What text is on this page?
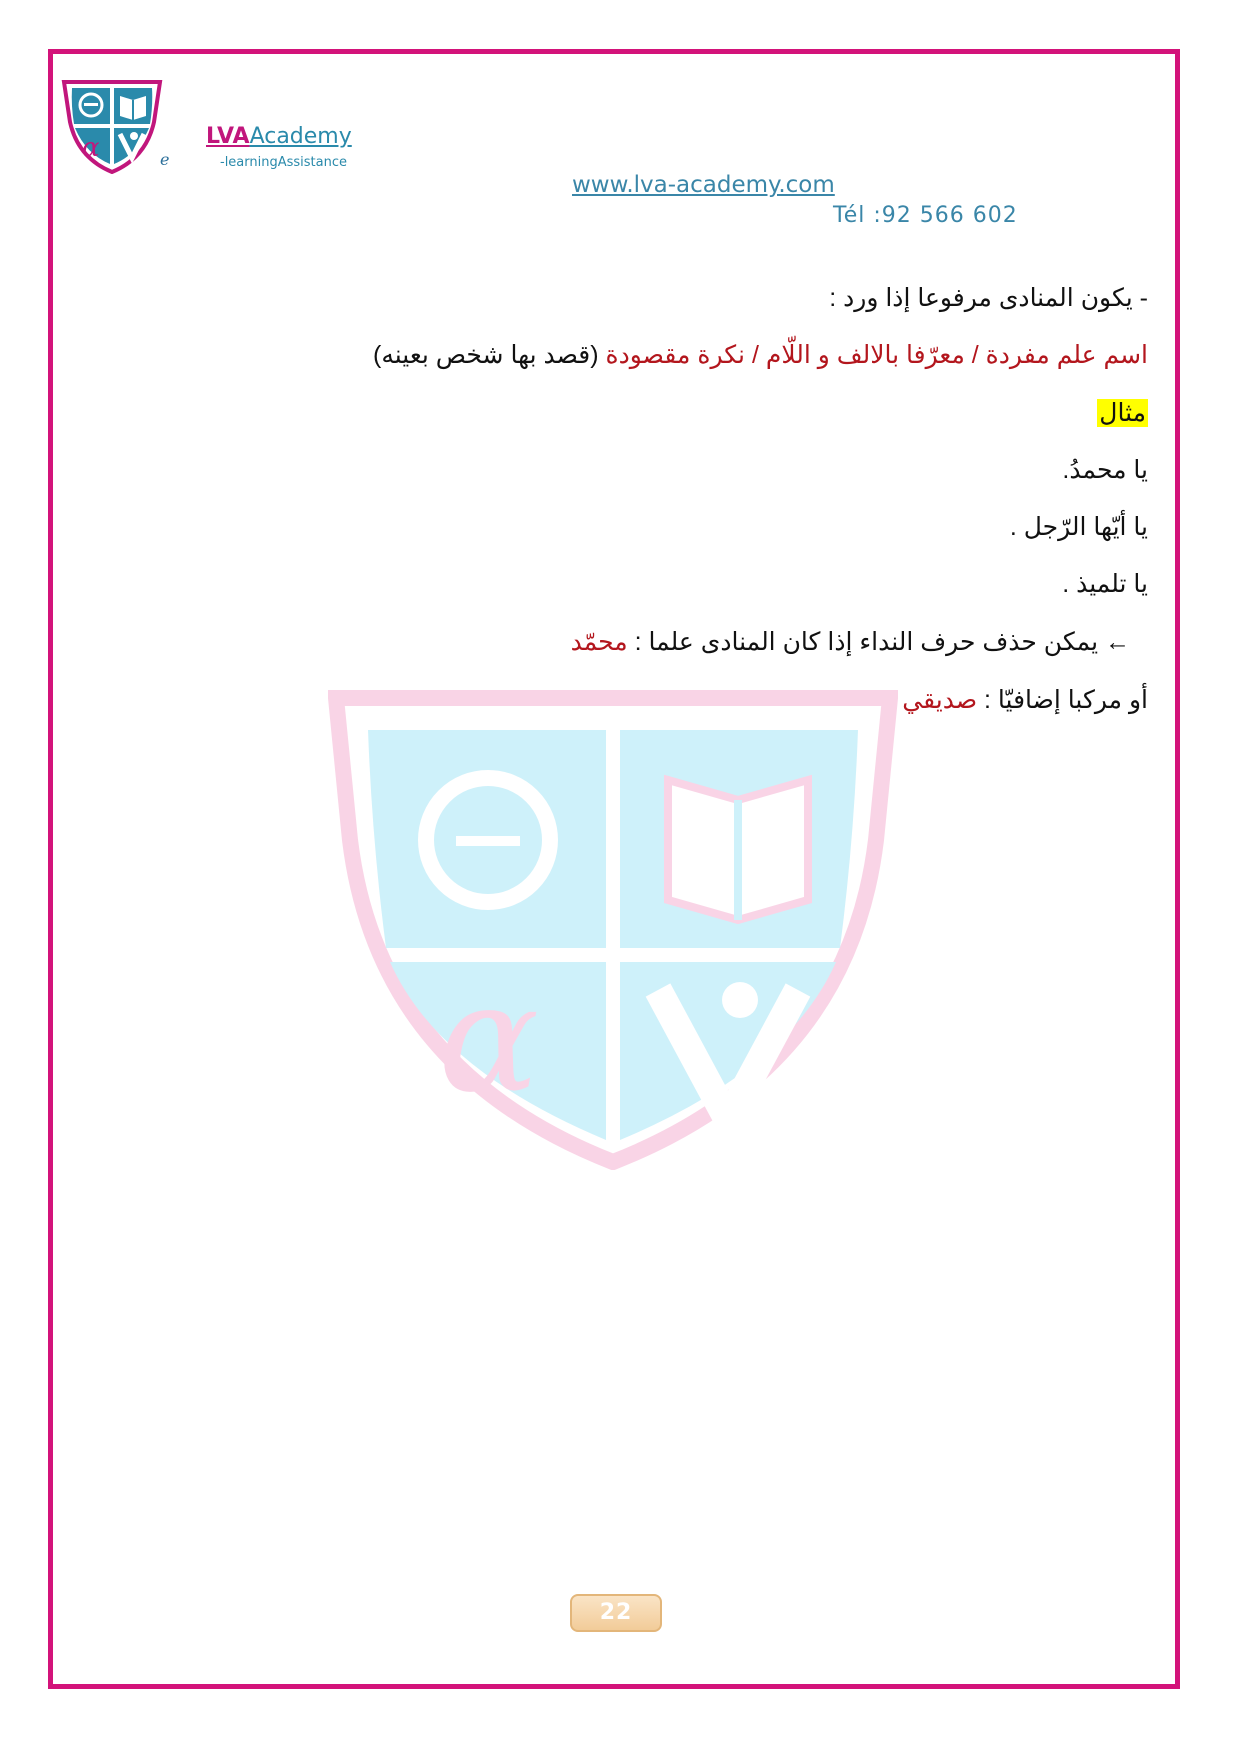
α	e
LVAAcademy
-learningAssistance
www.lva-academy.com
Tél :92 566 602
α
- يكون المنادى مرفوعا إذا ورد :
اسم علم مفردة / معرّفا بالالف و اللّام / نكرة مقصودة (قصد بها شخص بعينه)
مثال
يا محمدُ.
يا أيّها الرّجل .
يا تلميذ .
← يمكن حذف حرف النداء إذا كان المنادى علما : محمّد
أو مركبا إضافيّا : صديقي
22
